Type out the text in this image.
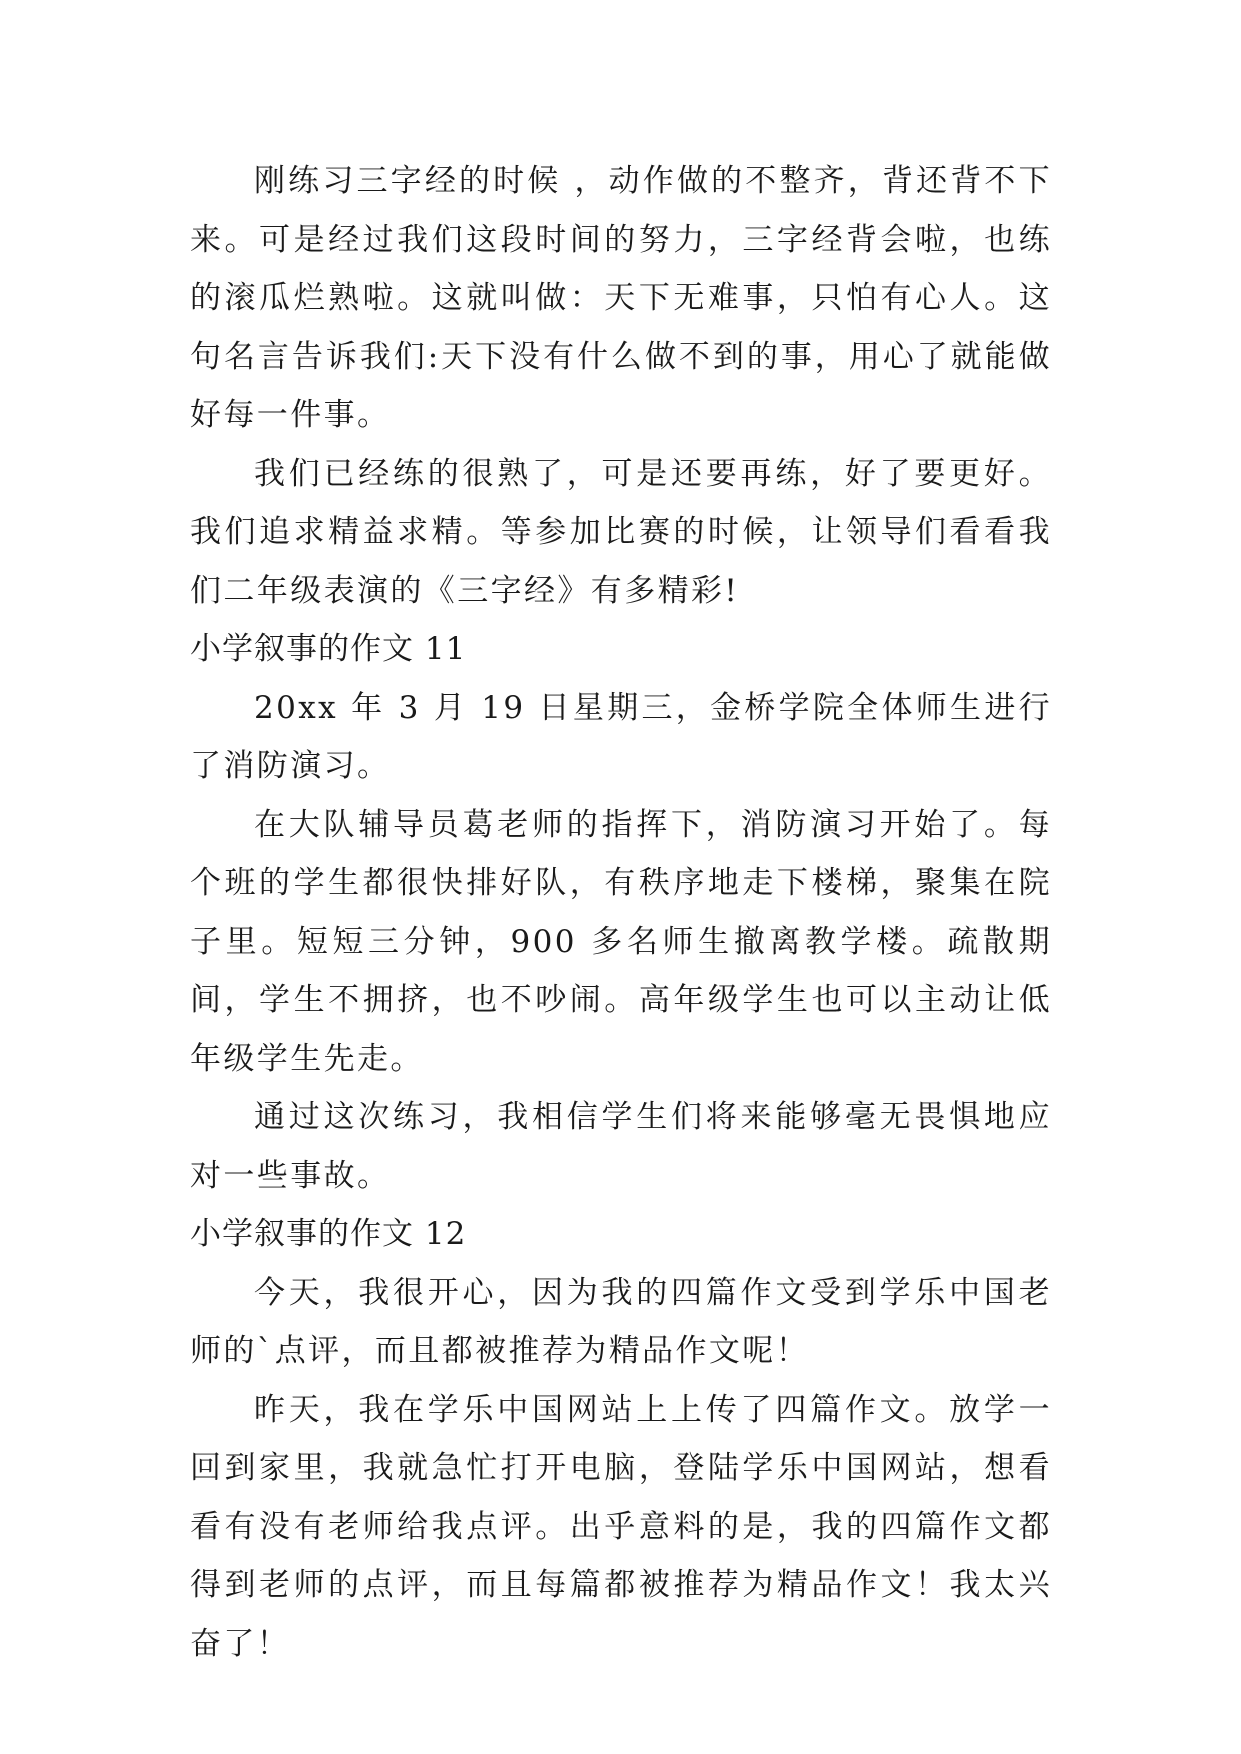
刚练习三字经的时候 ，动作做的不整齐，背还背不下来。可是经过我们这段时间的努力，三字经背会啦，也练的滚瓜烂熟啦。这就叫做：天下无难事，只怕有心人。这句名言告诉我们:天下没有什么做不到的事，用心了就能做好每一件事。

我们已经练的很熟了，可是还要再练，好了要更好。我们追求精益求精。等参加比赛的时候，让领导们看看我们二年级表演的《三字经》有多精彩!

小学叙事的作文 11

20xx 年 3 月 19 日星期三，金桥学院全体师生进行了消防演习。

在大队辅导员葛老师的指挥下，消防演习开始了。每个班的学生都很快排好队，有秩序地走下楼梯，聚集在院子里。短短三分钟，900 多名师生撤离教学楼。疏散期间，学生不拥挤，也不吵闹。高年级学生也可以主动让低年级学生先走。

通过这次练习，我相信学生们将来能够毫无畏惧地应对一些事故。

小学叙事的作文 12

今天，我很开心，因为我的四篇作文受到学乐中国老师的`点评，而且都被推荐为精品作文呢！

昨天，我在学乐中国网站上上传了四篇作文。放学一回到家里，我就急忙打开电脑，登陆学乐中国网站，想看看有没有老师给我点评。出乎意料的是，我的四篇作文都得到老师的点评，而且每篇都被推荐为精品作文！我太兴奋了！
